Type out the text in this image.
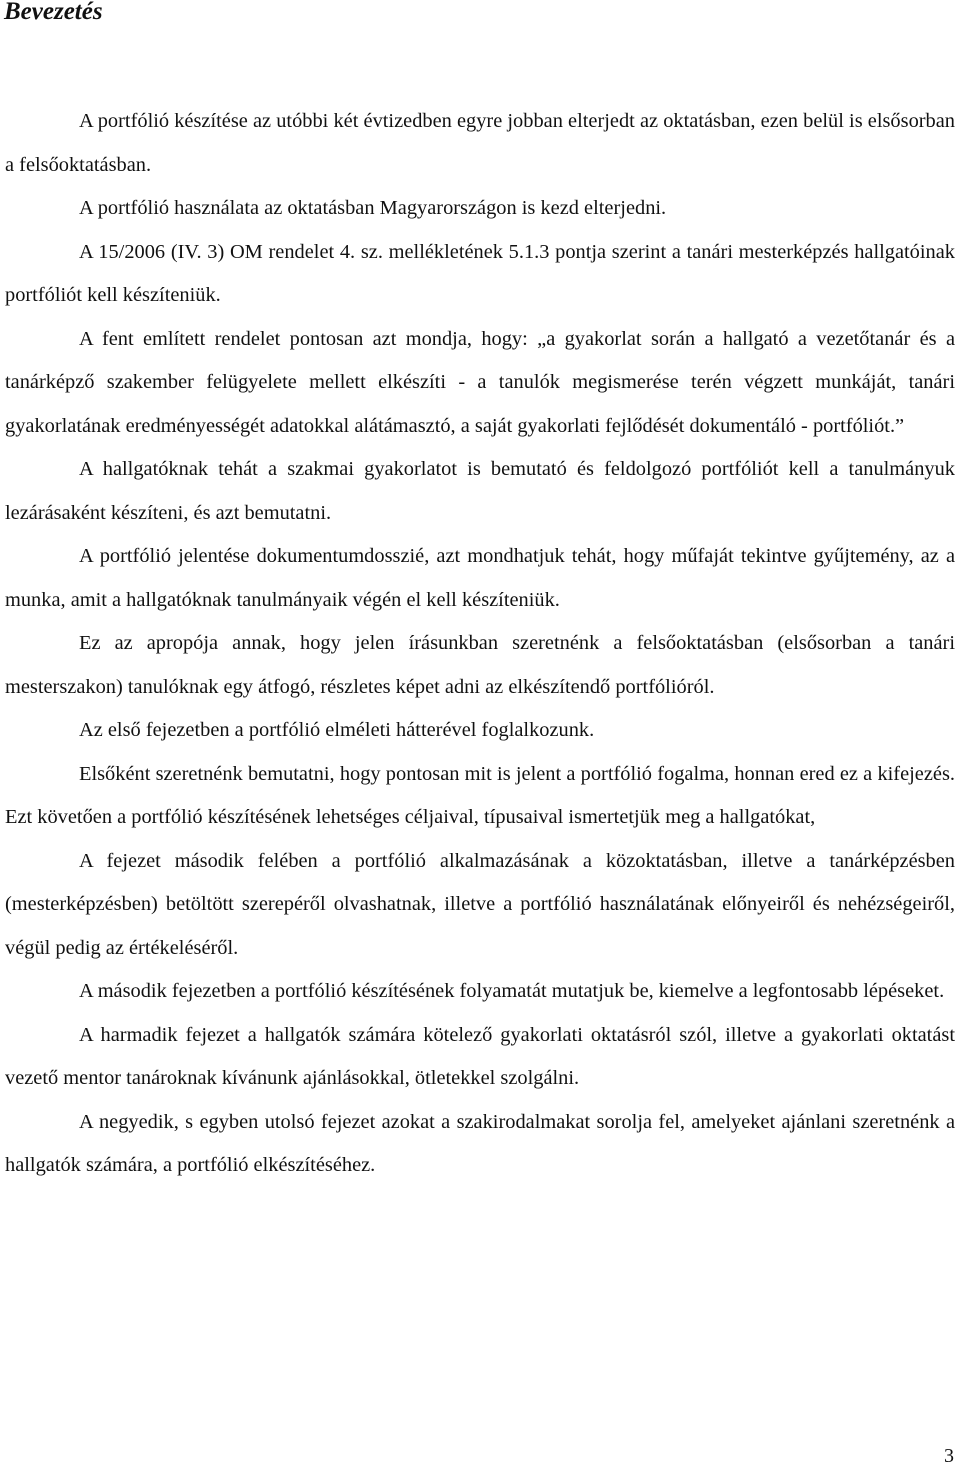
Bevezetés

A portfólió készítése az utóbbi két évtizedben egyre jobban elterjedt az oktatásban, ezen belül is elsősorban a felsőoktatásban.

A portfólió használata az oktatásban Magyarországon is kezd elterjedni.

A 15/2006 (IV. 3) OM rendelet 4. sz. mellékletének 5.1.3 pontja szerint a tanári mesterképzés hallgatóinak portfóliót kell készíteniük.

A fent említett rendelet pontosan azt mondja, hogy: „a gyakorlat során a hallgató a vezetőtanár és a tanárképző szakember felügyelete mellett elkészíti - a tanulók megismerése terén végzett munkáját, tanári gyakorlatának eredményességét adatokkal alátámasztó, a saját gyakorlati fejlődését dokumentáló - portfóliót.”

A hallgatóknak tehát a szakmai gyakorlatot is bemutató és feldolgozó portfóliót kell a tanulmányuk lezárásaként készíteni, és azt bemutatni.

A portfólió jelentése dokumentumdosszié, azt mondhatjuk tehát, hogy műfaját tekintve gyűjtemény, az a munka, amit a hallgatóknak tanulmányaik végén el kell készíteniük.

Ez az apropója annak, hogy jelen írásunkban szeretnénk a felsőoktatásban (elsősorban a tanári mesterszakon) tanulóknak egy átfogó, részletes képet adni az elkészítendő portfólióról.

Az első fejezetben a portfólió elméleti hátterével foglalkozunk.

Elsőként szeretnénk bemutatni, hogy pontosan mit is jelent a portfólió fogalma, honnan ered ez a kifejezés. Ezt követően a portfólió készítésének lehetséges céljaival, típusaival ismertetjük meg a hallgatókat,

A fejezet második felében a portfólió alkalmazásának a közoktatásban, illetve a tanárképzésben (mesterképzésben) betöltött szerepéről olvashatnak, illetve a portfólió használatának előnyeiről és nehézségeiről, végül pedig az értékeléséről.

A második fejezetben a portfólió készítésének folyamatát mutatjuk be, kiemelve a legfontosabb lépéseket.

A harmadik fejezet a hallgatók számára kötelező gyakorlati oktatásról szól, illetve a gyakorlati oktatást vezető mentor tanároknak kívánunk ajánlásokkal, ötletekkel szolgálni.

A negyedik, s egyben utolsó fejezet azokat a szakirodalmakat sorolja fel, amelyeket ajánlani szeretnénk a hallgatók számára, a portfólió elkészítéséhez.

3
